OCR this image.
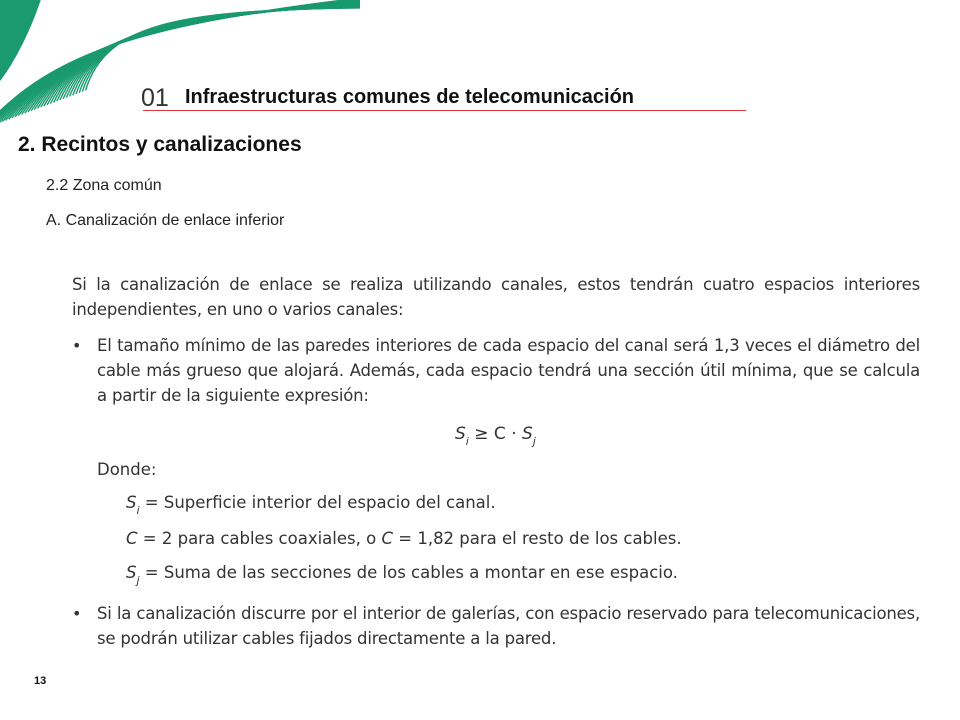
01 Infraestructuras comunes de telecomunicación
2. Recintos y canalizaciones
2.2 Zona común
A. Canalización de enlace inferior
Si la canalización de enlace se realiza utilizando canales, estos tendrán cuatro espacios interiores independientes, en uno o varios canales:
• El tamaño mínimo de las paredes interiores de cada espacio del canal será 1,3 veces el diámetro del cable más grueso que alojará. Además, cada espacio tendrá una sección útil mínima, que se calcula a partir de la siguiente expresión:
$S_i \ge C \cdot S_j$
Donde:
$S_i$ = Superficie interior del espacio del canal.
C = 2 para cables coaxiales, o C = 1,82 para el resto de los cables.
$S_j$ = Suma de las secciones de los cables a montar en ese espacio.
• Si la canalización discurre por el interior de galerías, con espacio reservado para telecomunicaciones, se podrán utilizar cables fijados directamente a la pared.
13
